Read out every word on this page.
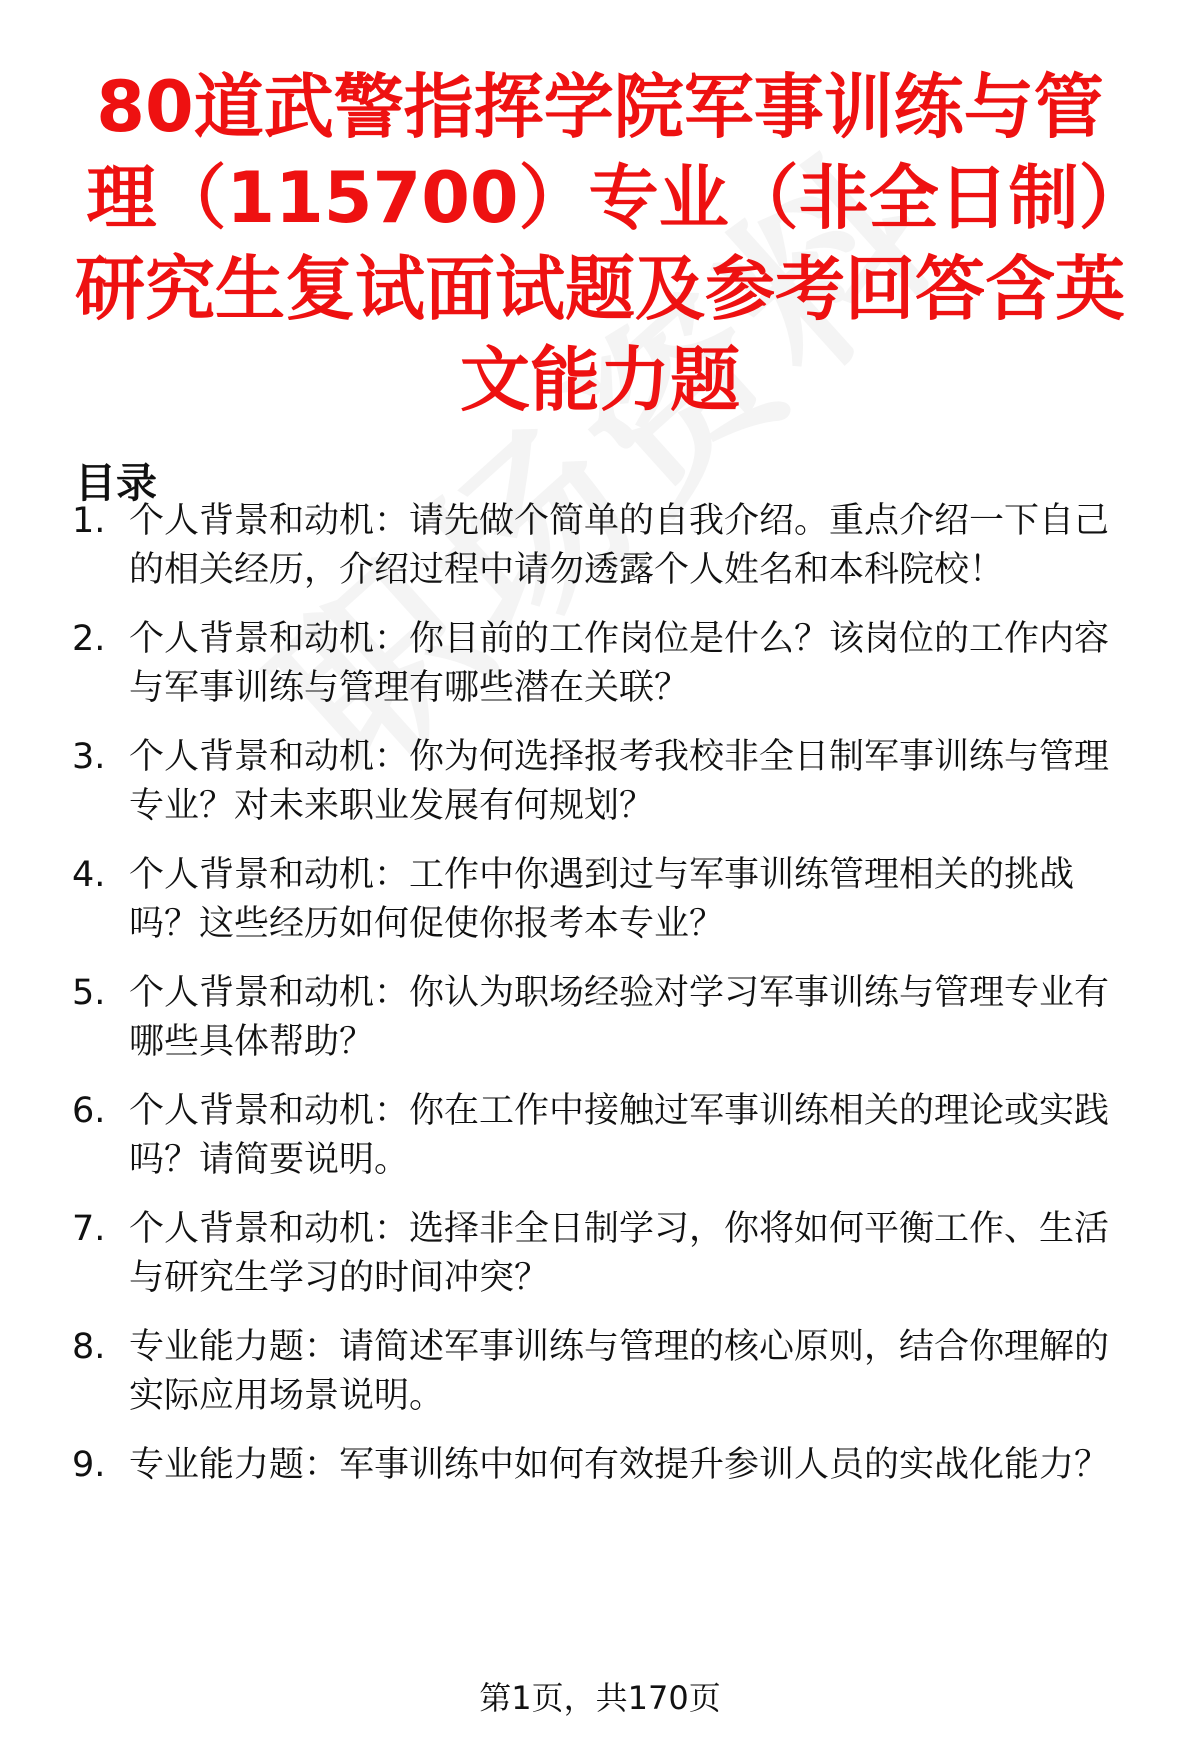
80道武警指挥学院军事训练与管理（115700）专业（非全日制）研究生复试面试题及参考回答含英文能力题
目录
1. 个人背景和动机：请先做个简单的自我介绍。重点介绍一下自己的相关经历，介绍过程中请勿透露个人姓名和本科院校！
2. 个人背景和动机：你目前的工作岗位是什么？该岗位的工作内容与军事训练与管理有哪些潜在关联？
3. 个人背景和动机：你为何选择报考我校非全日制军事训练与管理专业？对未来职业发展有何规划？
4. 个人背景和动机：工作中你遇到过与军事训练管理相关的挑战吗？这些经历如何促使你报考本专业？
5. 个人背景和动机：你认为职场经验对学习军事训练与管理专业有哪些具体帮助？
6. 个人背景和动机：你在工作中接触过军事训练相关的理论或实践吗？请简要说明。
7. 个人背景和动机：选择非全日制学习，你将如何平衡工作、生活与研究生学习的时间冲突？
8. 专业能力题：请简述军事训练与管理的核心原则，结合你理解的实际应用场景说明。
9. 专业能力题：军事训练中如何有效提升参训人员的实战化能力？
第1页，共170页
